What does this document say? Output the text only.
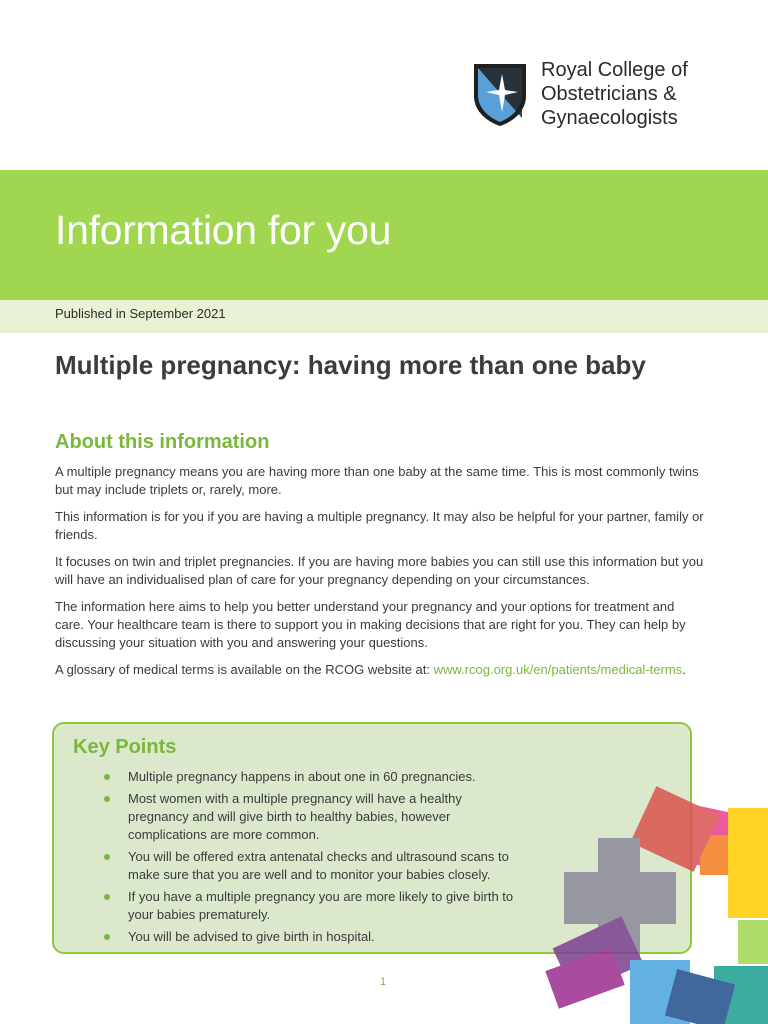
Royal College of
Obstetricians &
Gynaecologists
Information for you
Published in September 2021
Multiple pregnancy: having more than one baby
About this information

A multiple pregnancy means you are having more than one baby at the same time. This is most commonly twins but may include triplets or, rarely, more.

This information is for you if you are having a multiple pregnancy. It may also be helpful for your partner, family or friends.

It focuses on twin and triplet pregnancies. If you are having more babies you can still use this information but you will have an individualised plan of care for your pregnancy depending on your circumstances.

The information here aims to help you better understand your pregnancy and your options for treatment and care. Your healthcare team is there to support you in making decisions that are right for you. They can help by discussing your situation with you and answering your questions.

A glossary of medical terms is available on the RCOG website at: www.rcog.org.uk/en/patients/medical-terms.

Key Points
Multiple pregnancy happens in about one in 60 pregnancies.
Most women with a multiple pregnancy will have a healthy pregnancy and will give birth to healthy babies, however complications are more common.
You will be offered extra antenatal checks and ultrasound scans to make sure that you are well and to monitor your babies closely.
If you have a multiple pregnancy you are more likely to give birth to your babies prematurely.
You will be advised to give birth in hospital.
1
